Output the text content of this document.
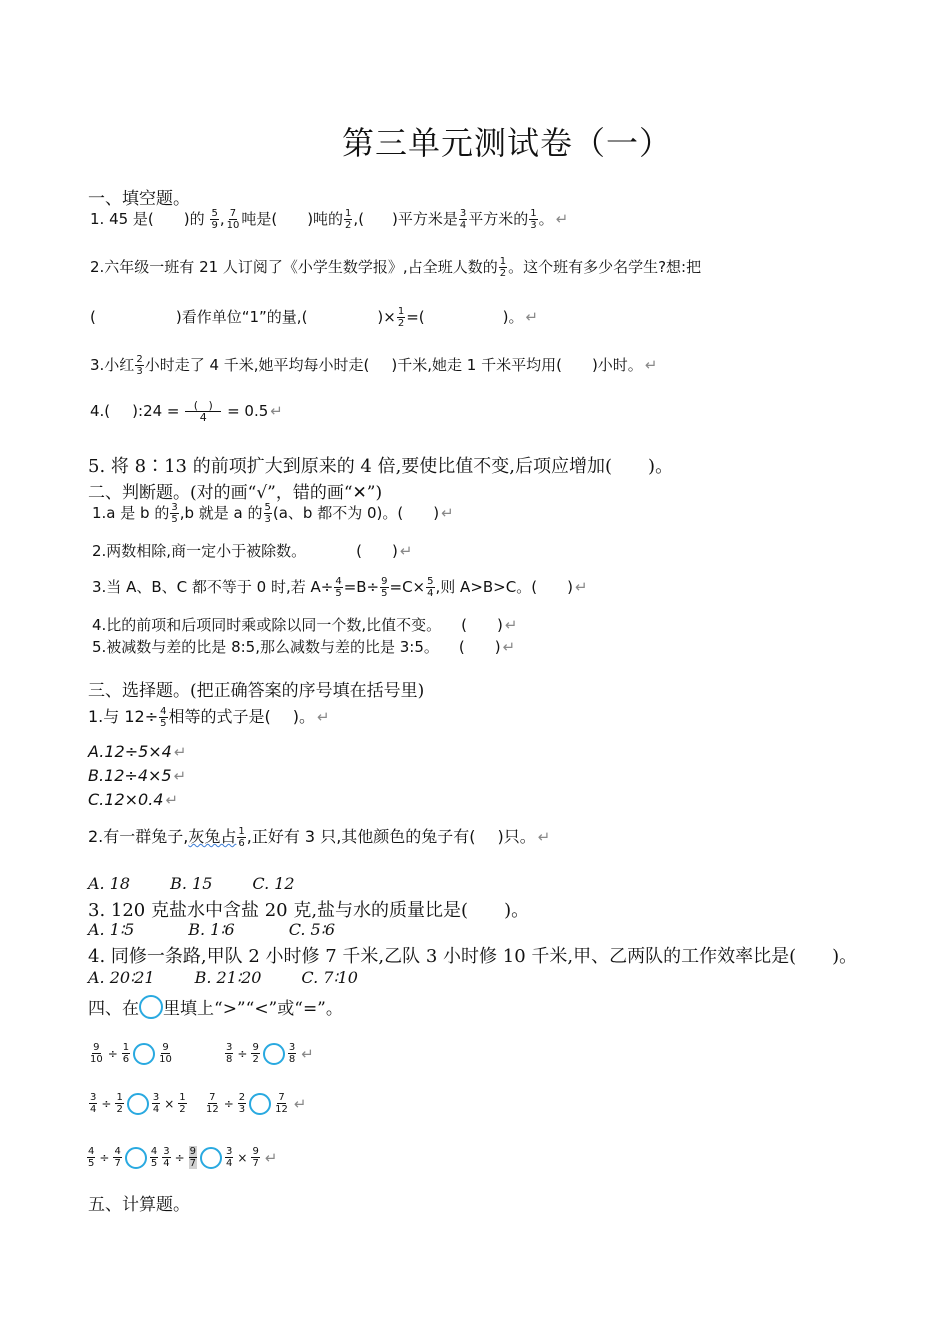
第三单元测试卷（一）
一、填空题。
1. 45 是( )的 $\frac{5}{9}$ , $\frac{7}{10}$ 吨是( )吨的 $\frac{1}{2}$ ,( )平方米是 $\frac{3}{4}$ 平方米的 $\frac{1}{3}$ 。 ↵
2.六年级一班有 21 人订阅了《小学生数学报》,占全班人数的 $\frac{1}{2}$ 。这个班有多少名学生?想:把
(	)看作单位“1”的量,(	)× $\frac{1}{2}$ =(	)。 ↵
3.小红 $\frac{2}{3}$ 小时走了 4 千米,她平均每小时走( )千米,她走 1 千米平均用( )小时。 ↵
4.( ):24 = $\frac{( )}{4} = 0.5$ ↵
5. 将 8∶13 的前项扩大到原来的 4 倍,要使比值不变,后项应增加(　　)。
二、判断题。(对的画“√”，错的画“✕”)
1.a 是 b 的 $\frac{3}{5} ,b$ 就是 a 的 $\frac{5}{3} (a$、b 都不为 0)。( ) ↵
2.两数相除,商一定小于被除数。	( ) ↵
3.当 A、B、C 都不等于 0 时,若 $A\div \frac{4}{5} =B\div \frac{9}{5} =C\times \frac{5}{4}$ ,则 A>B>C。( ) ↵
4.比的前项和后项同时乘或除以同一个数,比值不变。 ( ) ↵
5.被减数与差的比是 8:5,那么减数与差的比是 3:5。 ( ) ↵
三、选择题。(把正确答案的序号填在括号里)
1.与 $12\div \frac{4}{5}$ 相等的式子是( )。 ↵
A.12÷5×4 ↵
B.12÷4×5 ↵
C.12×0.4 ↵
2.有一群兔子,灰兔占 $\frac{1}{6}$ ,正好有 3 只,其他颜色的兔子有( )只。 ↵
A. 18	B. 15	C. 12
3. 120 克盐水中含盐 20 克,盐与水的质量比是(　　)。
A. 1∶5	B. 1∶6	C. 5∶6
4. 同修一条路,甲队 2 小时修 7 千米,乙队 3 小时修 10 千米,甲、乙两队的工作效率比是(　　)。
A. 20∶21	B. 21∶20	C. 7∶10
四、在 里填上“>”“<”或“=”。
$\frac{9}{10} \div \frac{1}{6}$	$\frac{9}{10}$	$\frac{3}{8} \div \frac{9}{2}$	$\frac{3}{8}$ ↵
$\frac{3}{4} \div \frac{1}{2}$	$\frac{3}{4} \times \frac{1}{2} \frac{7}{12} \div \frac{2}{3}$	$\frac{7}{12}$ ↵
$\frac{4}{5} \div \frac{4}{7}$	$\frac{4}{5} \frac{3}{4} \div \frac{9}{7}$	$\frac{3}{4} \times \frac{9}{7}$ ↵
五、计算题。
